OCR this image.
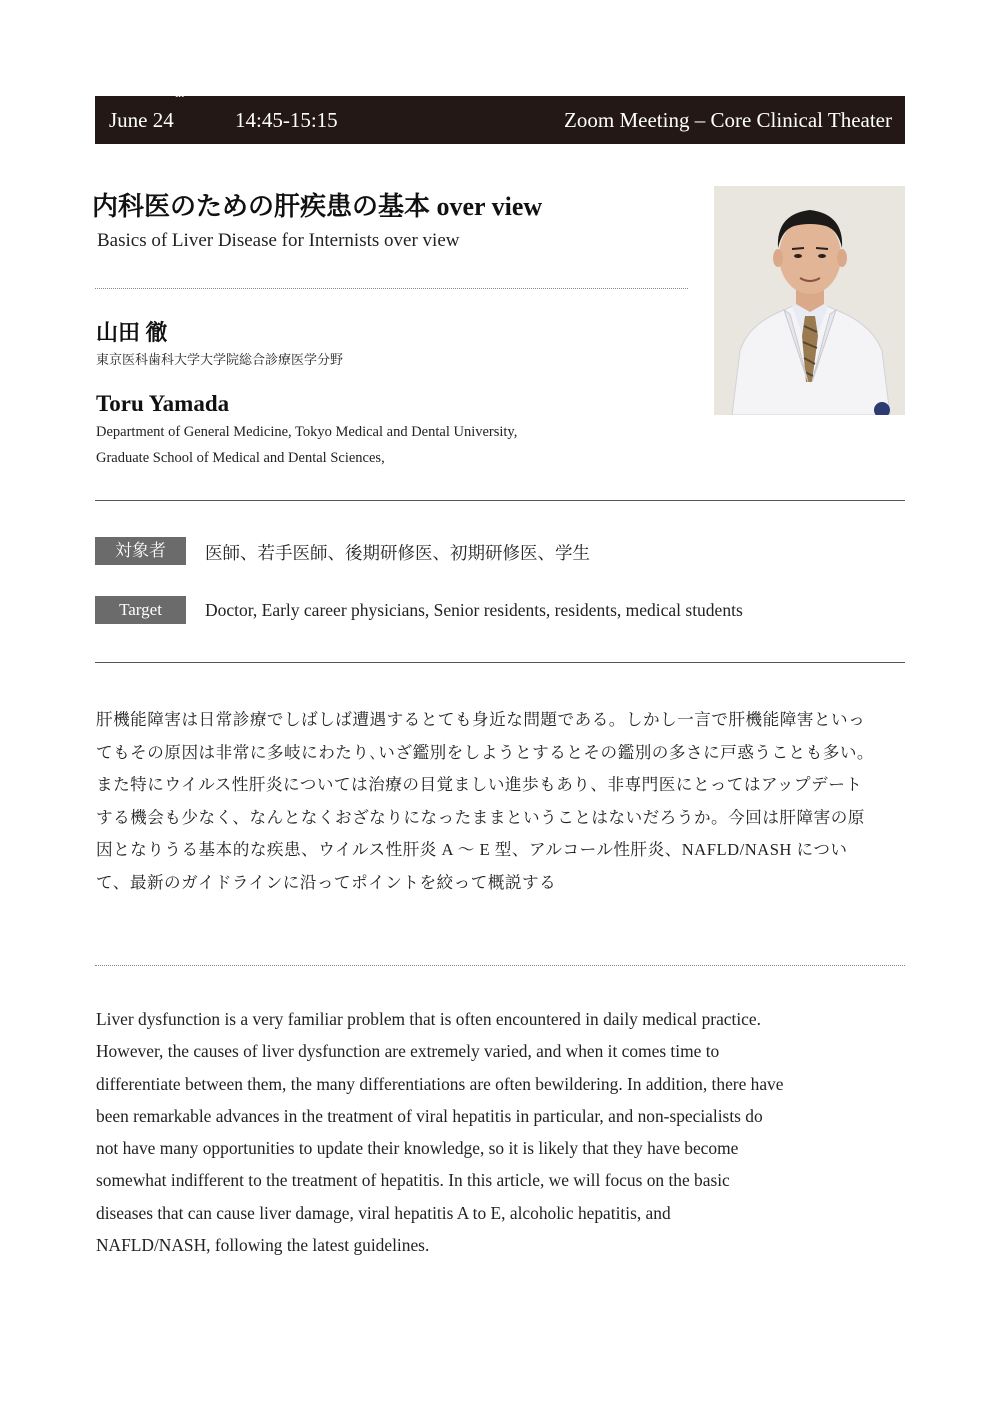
June 24th
14:45-15:15	Zoom Meeting – Core Clinical Theater
内科医のための肝疾患の基本 over view
Basics of Liver Disease for Internists over view
山田 徹
東京医科歯科大学大学院総合診療医学分野
Toru Yamada
Department of General Medicine, Tokyo Medical and Dental University,
Graduate School of Medical and Dental Sciences,
対象者	医師、若手医師、後期研修医、初期研修医、学生
Target	Doctor, Early career physicians, Senior residents, residents, medical students
肝機能障害は日常診療でしばしば遭遇するとても身近な問題である。しかし一言で肝機能障害といっ
てもその原因は非常に多岐にわたり､いざ鑑別をしようとするとその鑑別の多さに戸惑うことも多い。
また特にウイルス性肝炎については治療の目覚ましい進歩もあり、非専門医にとってはアップデート
する機会も少なく、なんとなくおざなりになったままということはないだろうか。今回は肝障害の原
因となりうる基本的な疾患、ウイルス性肝炎 A 〜 E 型、アルコール性肝炎、NAFLD/NASH につい
て、最新のガイドラインに沿ってポイントを絞って概説する
Liver dysfunction is a very familiar problem that is often encountered in daily medical practice.
However, the causes of liver dysfunction are extremely varied, and when it comes time to
differentiate between them, the many differentiations are often bewildering. In addition, there have
been remarkable advances in the treatment of viral hepatitis in particular, and non-specialists do
not have many opportunities to update their knowledge, so it is likely that they have become
somewhat indifferent to the treatment of hepatitis. In this article, we will focus on the basic
diseases that can cause liver damage, viral hepatitis A to E, alcoholic hepatitis, and
NAFLD/NASH, following the latest guidelines.
